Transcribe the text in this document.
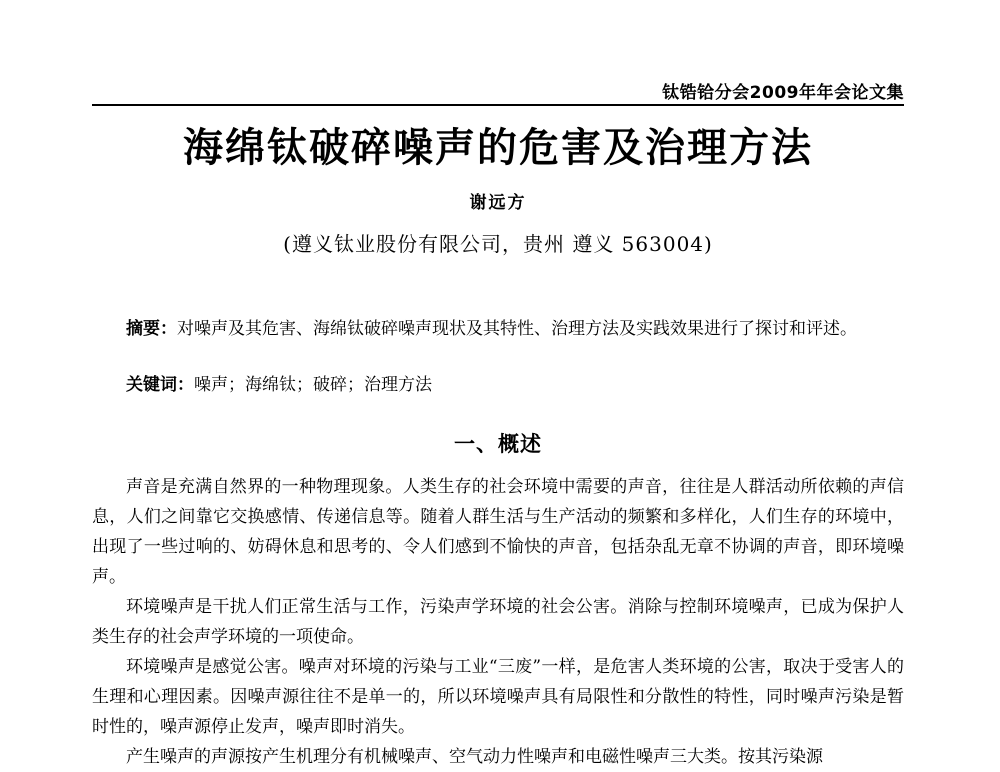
钛锆铪分会2009年年会论文集
海绵钛破碎噪声的危害及治理方法
谢远方
(遵义钛业股份有限公司，贵州 遵义 563004)
摘要：对噪声及其危害、海绵钛破碎噪声现状及其特性、治理方法及实践效果进行了探讨和评述。
关键词：噪声；海绵钛；破碎；治理方法
一、概述

声音是充满自然界的一种物理现象。人类生存的社会环境中需要的声音，往往是人群活动所依赖的声信息，人们之间靠它交换感情、传递信息等。随着人群生活与生产活动的频繁和多样化，人们生存的环境中，出现了一些过响的、妨碍休息和思考的、令人们感到不愉快的声音，包括杂乱无章不协调的声音，即环境噪声。

环境噪声是干扰人们正常生活与工作，污染声学环境的社会公害。消除与控制环境噪声，已成为保护人类生存的社会声学环境的一项使命。

环境噪声是感觉公害。噪声对环境的污染与工业“三废”一样，是危害人类环境的公害，取决于受害人的生理和心理因素。因噪声源往往不是单一的，所以环境噪声具有局限性和分散性的特性，同时噪声污染是暂时性的，噪声源停止发声，噪声即时消失。

产生噪声的声源按产生机理分有机械噪声、空气动力性噪声和电磁性噪声三大类。按其污染源
